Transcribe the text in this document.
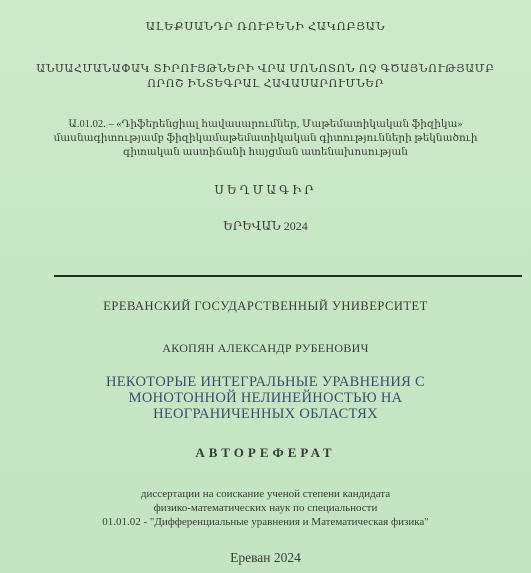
ԱԼԵՔՍԱՆԴՐ ՌՈՒԲԵՆԻ ՀԱԿՈԲՅԱՆ
ԱՆՍԱՀՄԱՆԱՓԱԿ ՏԻՐՈՒՅԹՆԵՐԻ ՎՐԱ ՄՈՆՈՏՈՆ ՈՉ ԳԾԱՅՆՈՒԹՅԱՄԲ
ՈՐՈՇ ԻՆՏԵԳՐԱԼ ՀԱՎԱՍԱՐՈՒՄՆԵՐ
Ա.01.02. – «Դիֆերենցիալ հավասարումներ, Մաթեմատիկական ֆիզիկա»
մասնագիտությամբ ֆիզիկամաթեմատիկական գիտությունների թեկնածուի
գիտական աստիճանի հայցման ատենախոսության
ՍԵՂՄԱԳԻՐ
ԵՐԵՎԱՆ 2024
ЕРЕВАНСКИЙ ГОСУДАРСТВЕННЫЙ УНИВЕРСИТЕТ
АКОПЯН АЛЕКСАНДР РУБЕНОВИЧ
НЕКОТОРЫЕ ИНТЕГРАЛЬНЫЕ УРАВНЕНИЯ С
МОНОТОННОЙ НЕЛИНЕЙНОСТЬЮ НА
НЕОГРАНИЧЕННЫХ ОБЛАСТЯХ
АВТОРЕФЕРАТ
диссертации на соискание ученой степени кандидата
физико-математических наук по специальности
01.01.02 - "Дифференциальные уравнения и Математическая физика"
Ереван 2024
